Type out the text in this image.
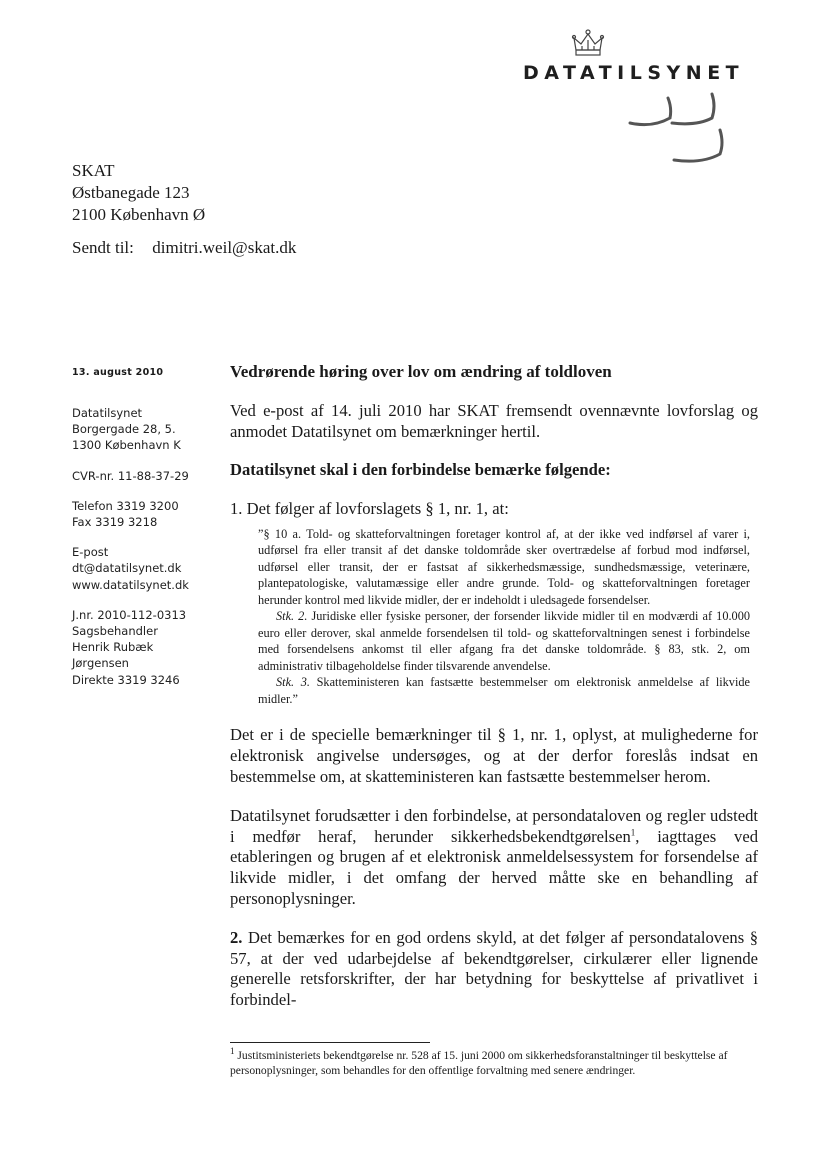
DATATILSYNET
SKAT
Østbanegade 123
2100 København Ø
Sendt til: dimitri.weil@skat.dk
13. august 2010
Datatilsynet
Borgergade 28, 5.
1300 København K
CVR-nr. 11-88-37-29
Telefon 3319 3200
Fax 3319 3218
E-post
dt@datatilsynet.dk
www.datatilsynet.dk
J.nr. 2010-112-0313
Sagsbehandler
Henrik Rubæk
Jørgensen
Direkte 3319 3246

Vedrørende høring over lov om ændring af toldloven

Ved e-post af 14. juli 2010 har SKAT fremsendt ovennævnte lovforslag og anmodet Datatilsynet om bemærkninger hertil.

Datatilsynet skal i den forbindelse bemærke følgende:

1. Det følger af lovforslagets § 1, nr. 1, at:

”§ 10 a. Told- og skatteforvaltningen foretager kontrol af, at der ikke ved indførsel af varer i, udførsel fra eller transit af det danske toldområde sker overtrædelse af forbud mod indførsel, udførsel eller transit, der er fastsat af sikkerhedsmæssige, sundhedsmæssige, veterinære, plantepatologiske, valutamæssige eller andre grunde. Told- og skatteforvaltningen foretager herunder kontrol med likvide midler, der er indeholdt i uledsagede forsendelser.

Stk. 2. Juridiske eller fysiske personer, der forsender likvide midler til en modværdi af 10.000 euro eller derover, skal anmelde forsendelsen til told- og skatteforvaltningen senest i forbindelse med forsendelsens ankomst til eller afgang fra det danske toldområde. § 83, stk. 2, om administrativ tilbageholdelse finder tilsvarende anvendelse.

Stk. 3. Skatteministeren kan fastsætte bestemmelser om elektronisk anmeldelse af likvide midler.”

Det er i de specielle bemærkninger til § 1, nr. 1, oplyst, at mulighederne for elektronisk angivelse undersøges, og at der derfor foreslås indsat en bestemmelse om, at skatteministeren kan fastsætte bestemmelser herom.

Datatilsynet forudsætter i den forbindelse, at persondataloven og regler udstedt i medfør heraf, herunder sikkerhedsbekendtgørelsen$^1$, iagttages ved etableringen og brugen af et elektronisk anmeldelsessystem for forsendelse af likvide midler, i det omfang der herved måtte ske en behandling af personoplysninger.

2. Det bemærkes for en god ordens skyld, at det følger af persondatalovens § 57, at der ved udarbejdelse af bekendtgørelser, cirkulærer eller lignende generelle retsforskrifter, der har betydning for beskyttelse af privatlivet i forbindel-

$^1$ Justitsministeriets bekendtgørelse nr. 528 af 15. juni 2000 om sikkerhedsforanstaltninger til beskyttelse af personoplysninger, som behandles for den offentlige forvaltning med senere ændringer.
